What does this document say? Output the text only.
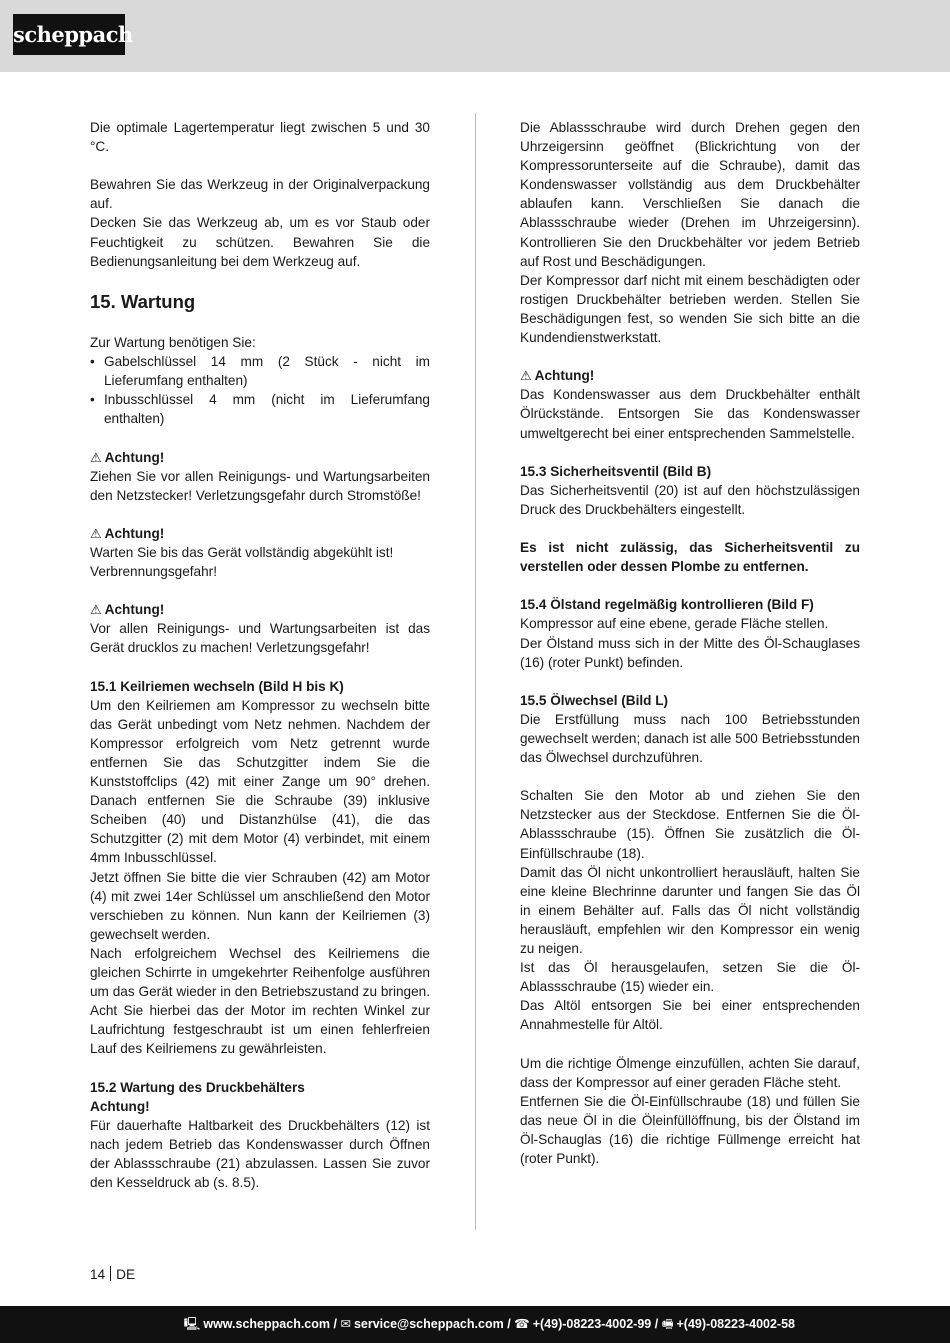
scheppach

Die optimale Lagertemperatur liegt zwischen 5 und 30 °C.

Bewahren Sie das Werkzeug in der Originalverpackung auf.

Decken Sie das Werkzeug ab, um es vor Staub oder Feuchtigkeit zu schützen. Bewahren Sie die Bedienungsanleitung bei dem Werkzeug auf.

15. Wartung

Zur Wartung benötigen Sie:

• Gabelschlüssel 14 mm (2 Stück - nicht im Lieferumfang enthalten)
• Inbusschlüssel 4 mm (nicht im Lieferumfang enthalten)

⚠ Achtung!

Ziehen Sie vor allen Reinigungs- und Wartungsarbeiten den Netzstecker! Verletzungsgefahr durch Stromstöße!

⚠ Achtung!

Warten Sie bis das Gerät vollständig abgekühlt ist!

Verbrennungsgefahr!

⚠ Achtung!

Vor allen Reinigungs- und Wartungsarbeiten ist das Gerät drucklos zu machen! Verletzungsgefahr!

15.1 Keilriemen wechseln (Bild H bis K)

Um den Keilriemen am Kompressor zu wechseln bitte das Gerät unbedingt vom Netz nehmen. Nachdem der Kompressor erfolgreich vom Netz getrennt wurde entfernen Sie das Schutzgitter indem Sie die Kunststoffclips (42) mit einer Zange um 90° drehen. Danach entfernen Sie die Schraube (39) inklusive Scheiben (40) und Distanzhülse (41), die das Schutzgitter (2) mit dem Motor (4) verbindet, mit einem 4mm Inbusschlüssel.

Jetzt öffnen Sie bitte die vier Schrauben (42) am Motor (4) mit zwei 14er Schlüssel um anschließend den Motor verschieben zu können. Nun kann der Keilriemen (3) gewechselt werden.

Nach erfolgreichem Wechsel des Keilriemens die gleichen Schirrte in umgekehrter Reihenfolge ausführen um das Gerät wieder in den Betriebszustand zu bringen. Acht Sie hierbei das der Motor im rechten Winkel zur Laufrichtung festgeschraubt ist um einen fehlerfreien Lauf des Keilriemens zu gewährleisten.

15.2 Wartung des Druckbehälters

Achtung!

Für dauerhafte Haltbarkeit des Druckbehälters (12) ist nach jedem Betrieb das Kondenswasser durch Öffnen der Ablassschraube (21) abzulassen. Lassen Sie zuvor den Kesseldruck ab (s. 8.5).

Die Ablassschraube wird durch Drehen gegen den Uhrzeigersinn geöffnet (Blickrichtung von der Kompressorunterseite auf die Schraube), damit das Kondenswasser vollständig aus dem Druckbehälter ablaufen kann. Verschließen Sie danach die Ablassschraube wieder (Drehen im Uhrzeigersinn). Kontrollieren Sie den Druckbehälter vor jedem Betrieb auf Rost und Beschädigungen.

Der Kompressor darf nicht mit einem beschädigten oder rostigen Druckbehälter betrieben werden. Stellen Sie Beschädigungen fest, so wenden Sie sich bitte an die Kundendienstwerkstatt.

⚠ Achtung!

Das Kondenswasser aus dem Druckbehälter enthält Ölrückstände. Entsorgen Sie das Kondenswasser umweltgerecht bei einer entsprechenden Sammelstelle.

15.3 Sicherheitsventil (Bild B)

Das Sicherheitsventil (20) ist auf den höchstzulässigen Druck des Druckbehälters eingestellt.

Es ist nicht zulässig, das Sicherheitsventil zu verstellen oder dessen Plombe zu entfernen.

15.4 Ölstand regelmäßig kontrollieren (Bild F)

Kompressor auf eine ebene, gerade Fläche stellen.

Der Ölstand muss sich in der Mitte des Öl-Schauglases (16) (roter Punkt) befinden.

15.5 Ölwechsel (Bild L)

Die Erstfüllung muss nach 100 Betriebsstunden gewechselt werden; danach ist alle 500 Betriebsstunden das Ölwechsel durchzuführen.

Schalten Sie den Motor ab und ziehen Sie den Netzstecker aus der Steckdose. Entfernen Sie die Öl-Ablassschraube (15). Öffnen Sie zusätzlich die Öl-Einfüllschraube (18).

Damit das Öl nicht unkontrolliert herausläuft, halten Sie eine kleine Blechrinne darunter und fangen Sie das Öl in einem Behälter auf. Falls das Öl nicht vollständig herausläuft, empfehlen wir den Kompressor ein wenig zu neigen.

Ist das Öl herausgelaufen, setzen Sie die Öl-Ablassschraube (15) wieder ein.

Das Altöl entsorgen Sie bei einer entsprechenden Annahmestelle für Altöl.

Um die richtige Ölmenge einzufüllen, achten Sie darauf, dass der Kompressor auf einer geraden Fläche steht.

Entfernen Sie die Öl-Einfüllschraube (18) und füllen Sie das neue Öl in die Öleinfüllöffnung, bis der Ölstand im Öl-Schauglas (16) die richtige Füllmenge erreicht hat (roter Punkt).

14 DE
🖳︎ www.scheppach.com / ✉︎ service@scheppach.com / ☎︎ +(49)-08223-4002-99 / 🖷︎ +(49)-08223-4002-58
